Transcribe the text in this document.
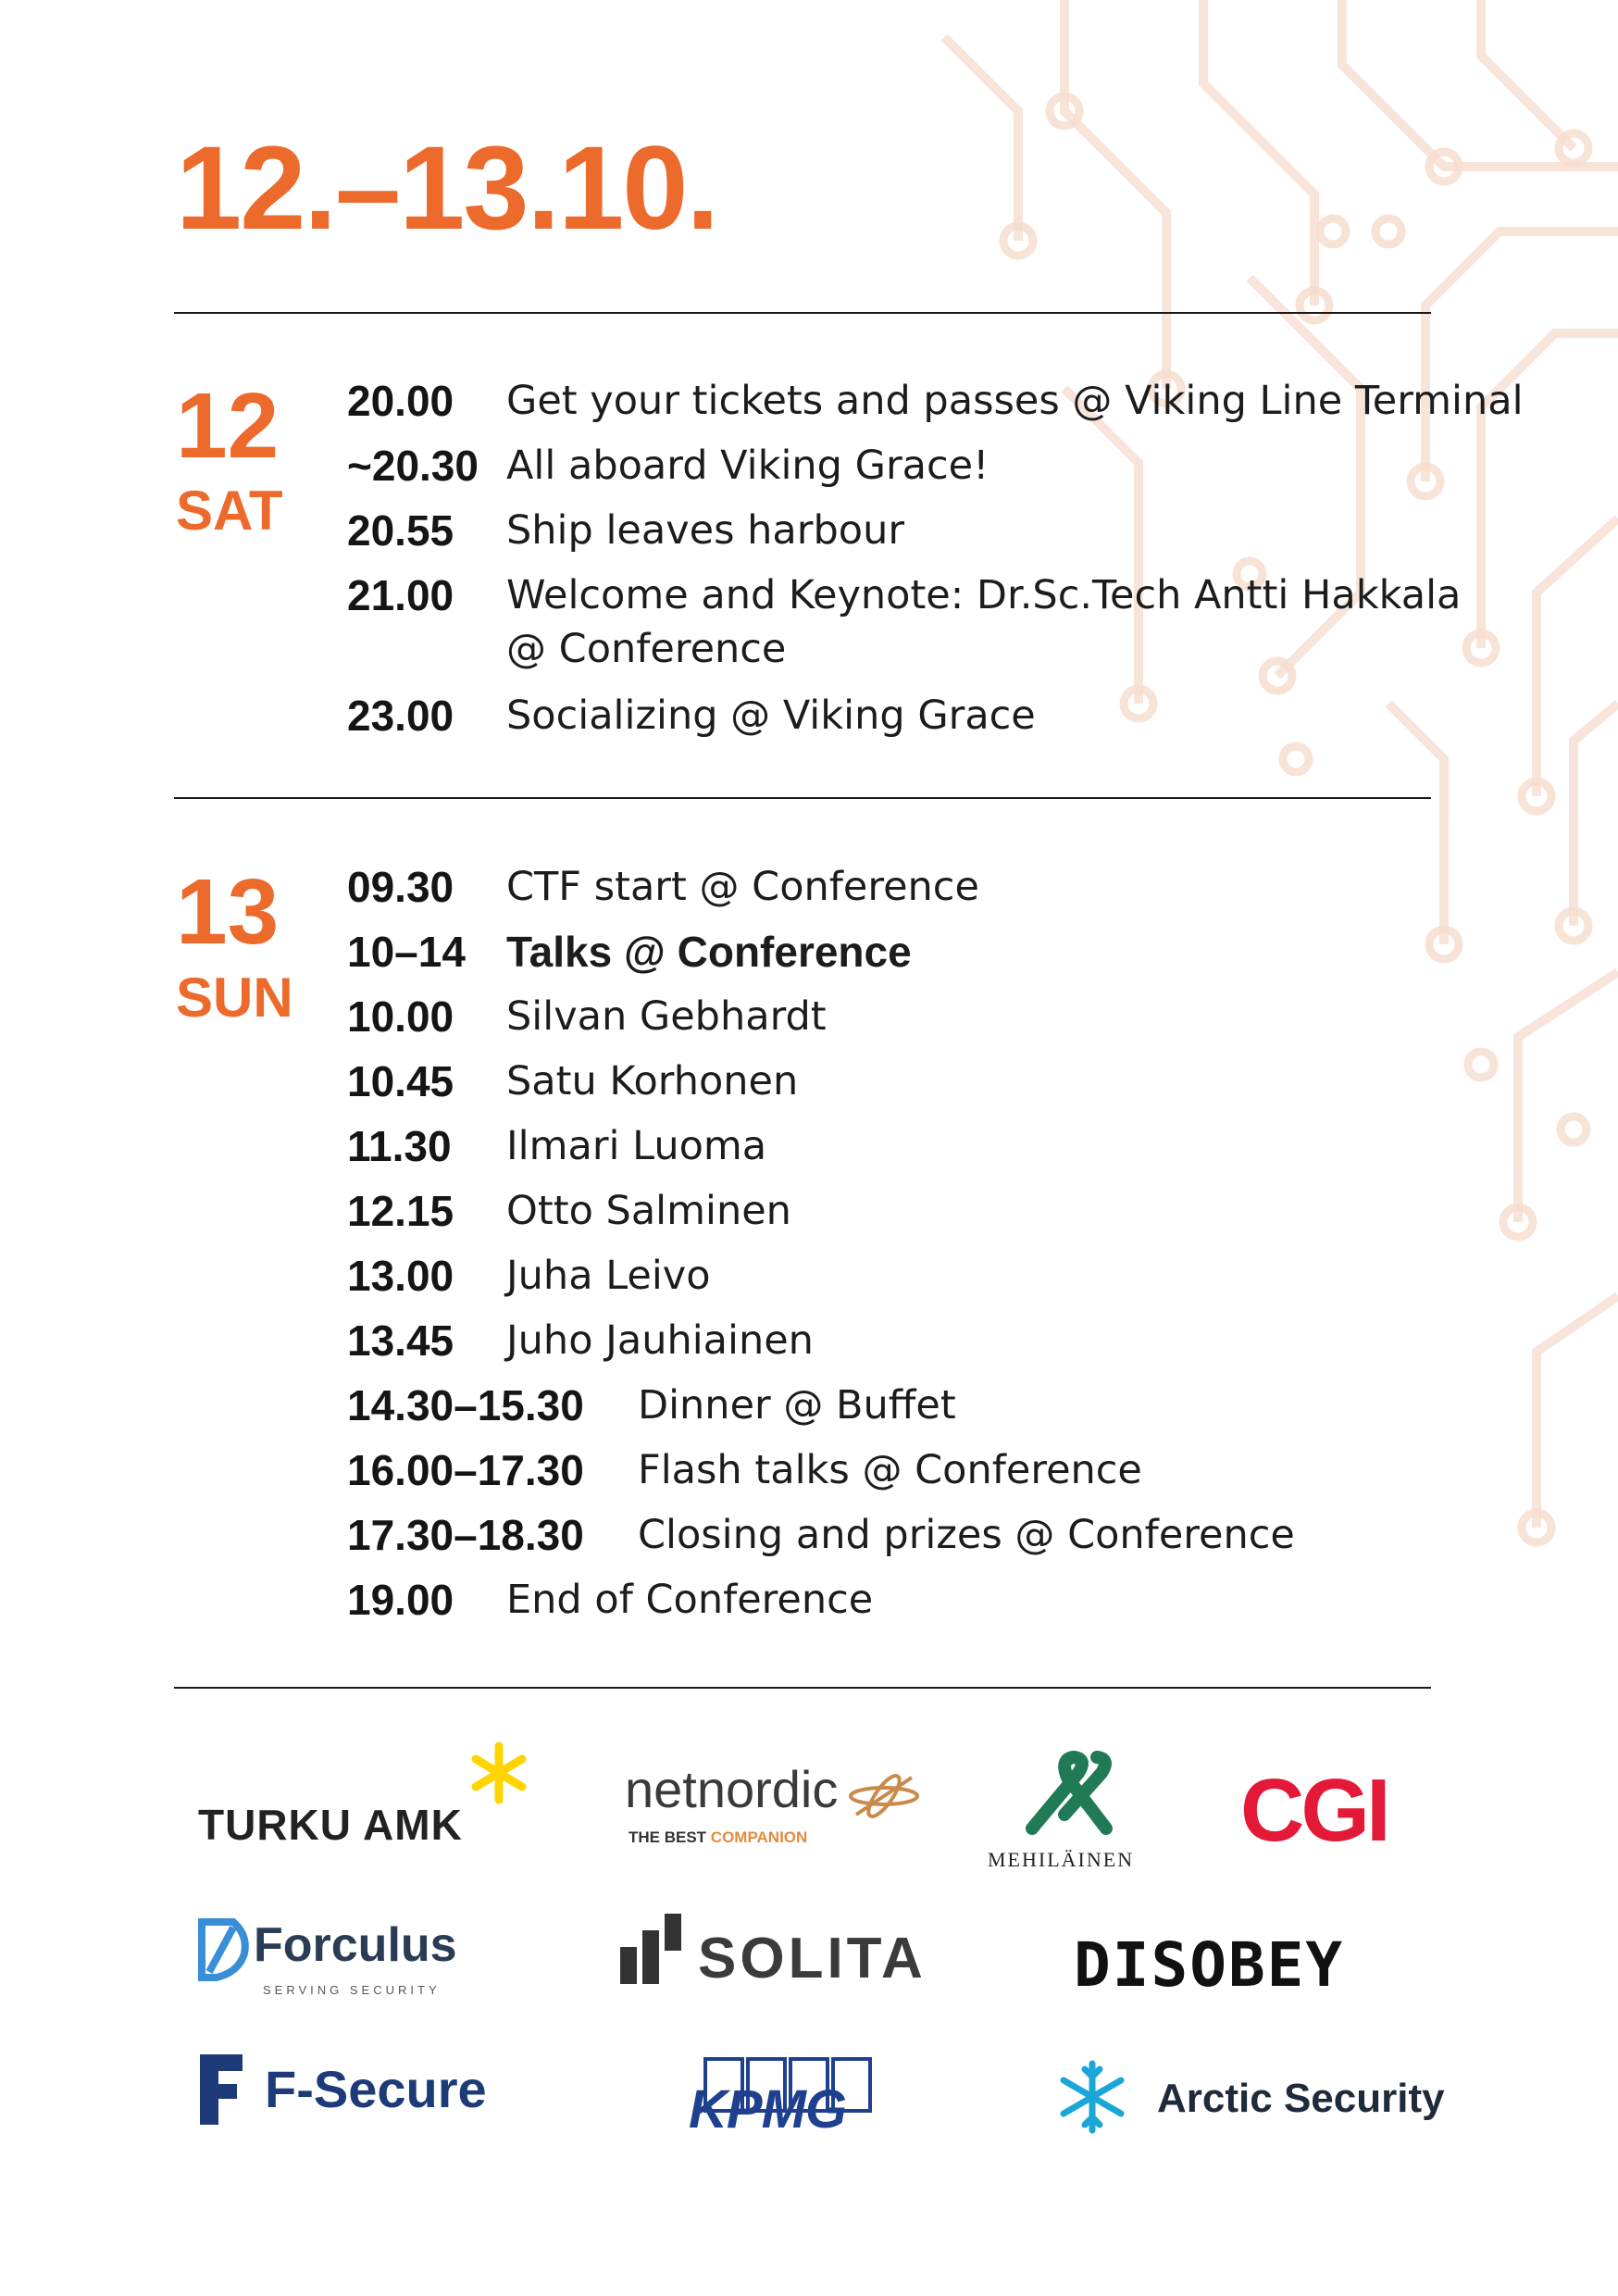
12.–13.10.
12
SAT
20.00	Get your tickets and passes @ Viking Line Terminal
~20.30 All aboard Viking Grace!
20.55	Ship leaves harbour
21.00	Welcome and Keynote: Dr.Sc.Tech Antti Hakkala
@ Conference
23.00	Socializing @ Viking Grace
13
SUN
09.30	CTF start @ Conference
10–14 Talks @ Conference
10.00	Silvan Gebhardt
10.45	Satu Korhonen
11.30	Ilmari Luoma
12.15	Otto Salminen
13.00	Juha Leivo
13.45	Juho Jauhiainen
14.30–15.30	Dinner @ Buffet
16.00–17.30	Flash talks @ Conference
17.30–18.30	Closing and prizes @ Conference
19.00	End of Conference
TURKU AMK
netnordic
THE BEST COMPANION
MEHILÄINEN CGI
Forculus
SERVING SECURITY	SOLITA DISOBEY
F-Secure	KPMG	Arctic Security
